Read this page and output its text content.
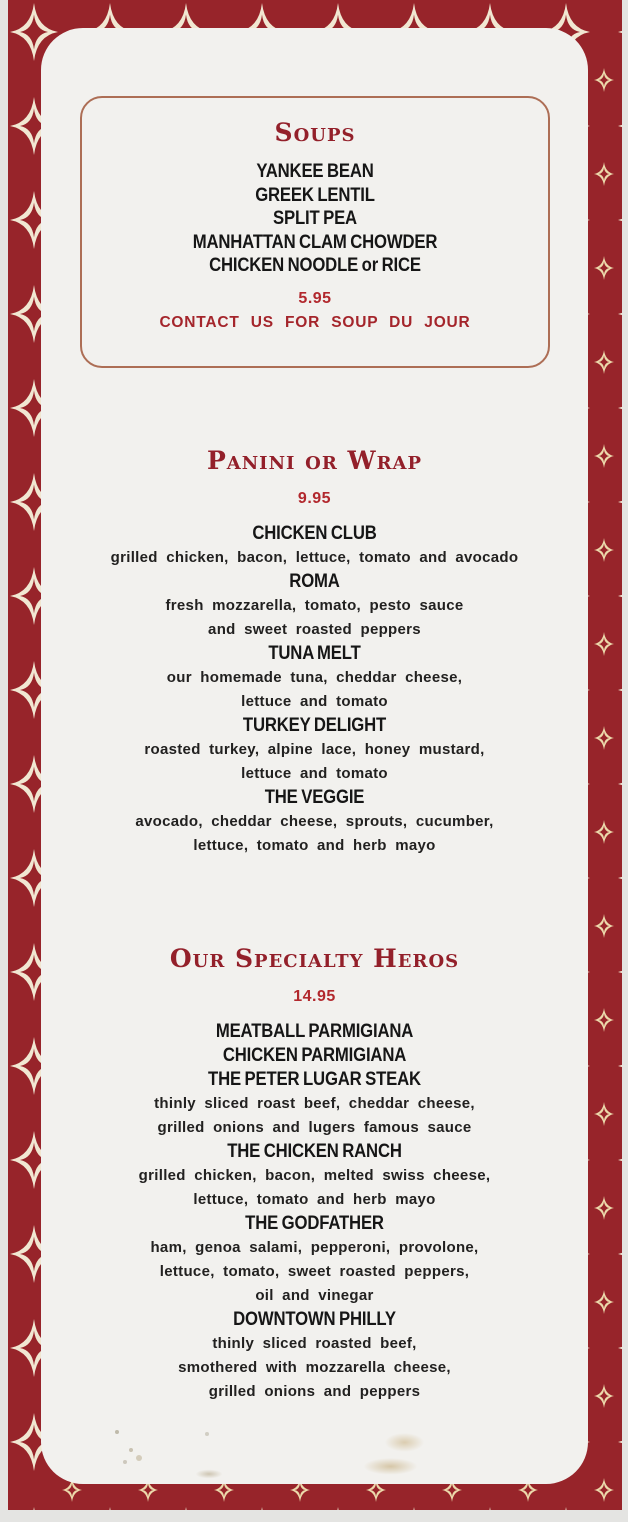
Soups
YANKEE BEAN
GREEK LENTIL
SPLIT PEA
MANHATTAN CLAM CHOWDER
CHICKEN NOODLE or RICE
5.95
CONTACT US FOR SOUP DU JOUR
Panini or Wrap
9.95
CHICKEN CLUB
grilled chicken, bacon, lettuce, tomato and avocado
ROMA
fresh mozzarella, tomato, pesto sauce
and sweet roasted peppers
TUNA MELT
our homemade tuna, cheddar cheese,
lettuce and tomato
TURKEY DELIGHT
roasted turkey, alpine lace, honey mustard,
lettuce and tomato
THE VEGGIE
avocado, cheddar cheese, sprouts, cucumber,
lettuce, tomato and herb mayo
Our Specialty Heros
14.95
MEATBALL PARMIGIANA
CHICKEN PARMIGIANA
THE PETER LUGAR STEAK
thinly sliced roast beef, cheddar cheese,
grilled onions and lugers famous sauce
THE CHICKEN RANCH
grilled chicken, bacon, melted swiss cheese,
lettuce, tomato and herb mayo
THE GODFATHER
ham, genoa salami, pepperoni, provolone,
lettuce, tomato, sweet roasted peppers,
oil and vinegar
DOWNTOWN PHILLY
thinly sliced roasted beef,
smothered with mozzarella cheese,
grilled onions and peppers
